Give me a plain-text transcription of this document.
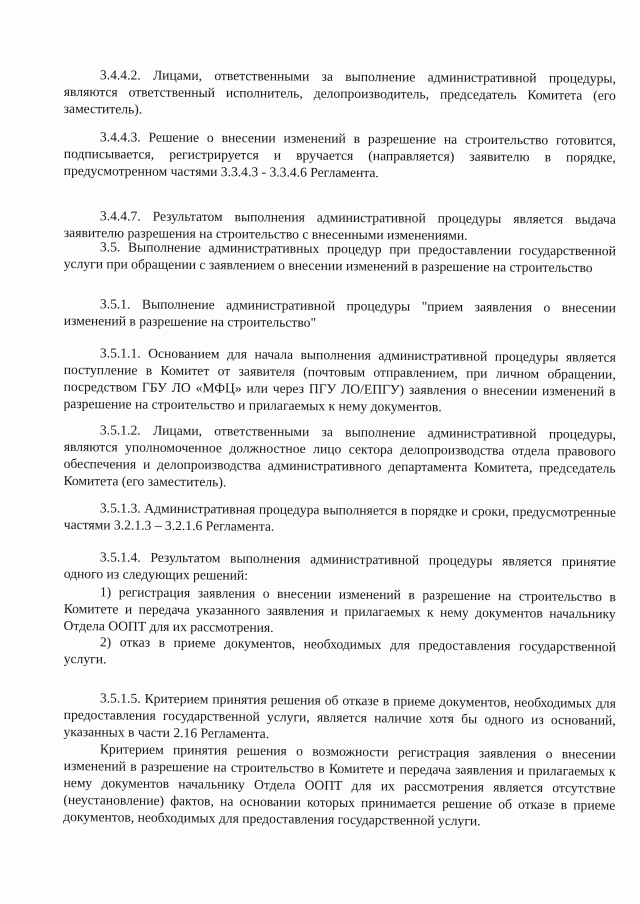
3.4.4.2. Лицами, ответственными за выполнение административной процедуры, являются ответственный исполнитель, делопроизводитель, председатель Комитета (его заместитель).

3.4.4.3. Решение о внесении изменений в разрешение на строительство готовится, подписывается, регистрируется и вручается (направляется) заявителю в порядке, предусмотренном частями 3.3.4.3 - 3.3.4.6 Регламента.

3.4.4.7. Результатом выполнения административной процедуры является выдача заявителю разрешения на строительство с внесенными изменениями.

3.5. Выполнение административных процедур при предоставлении государственной услуги при обращении с заявлением о внесении изменений в разрешение на строительство

3.5.1. Выполнение административной процедуры "прием заявления о внесении изменений в разрешение на строительство"

3.5.1.1. Основанием для начала выполнения административной процедуры является поступление в Комитет от заявителя (почтовым отправлением, при личном обращении, посредством ГБУ ЛО «МФЦ» или через ПГУ ЛО/ЕПГУ) заявления о внесении изменений в разрешение на строительство и прилагаемых к нему документов.

3.5.1.2. Лицами, ответственными за выполнение административной процедуры, являются уполномоченное должностное лицо сектора делопроизводства отдела правового обеспечения и делопроизводства административного департамента Комитета, председатель Комитета (его заместитель).

3.5.1.3. Административная процедура выполняется в порядке и сроки, предусмотренные частями 3.2.1.3 – 3.2.1.6 Регламента.

3.5.1.4. Результатом выполнения административной процедуры является принятие одного из следующих решений:

1) регистрация заявления о внесении изменений в разрешение на строительство в Комитете и передача указанного заявления и прилагаемых к нему документов начальнику Отдела ООПТ для их рассмотрения.

2) отказ в приеме документов, необходимых для предоставления государственной услуги.

3.5.1.5. Критерием принятия решения об отказе в приеме документов, необходимых для предоставления государственной услуги, является наличие хотя бы одного из оснований, указанных в части 2.16 Регламента.

Критерием принятия решения о возможности регистрация заявления о внесении изменений в разрешение на строительство в Комитете и передача заявления и прилагаемых к нему документов начальнику Отдела ООПТ для их рассмотрения является отсутствие (неустановление) фактов, на основании которых принимается решение об отказе в приеме документов, необходимых для предоставления государственной услуги.
